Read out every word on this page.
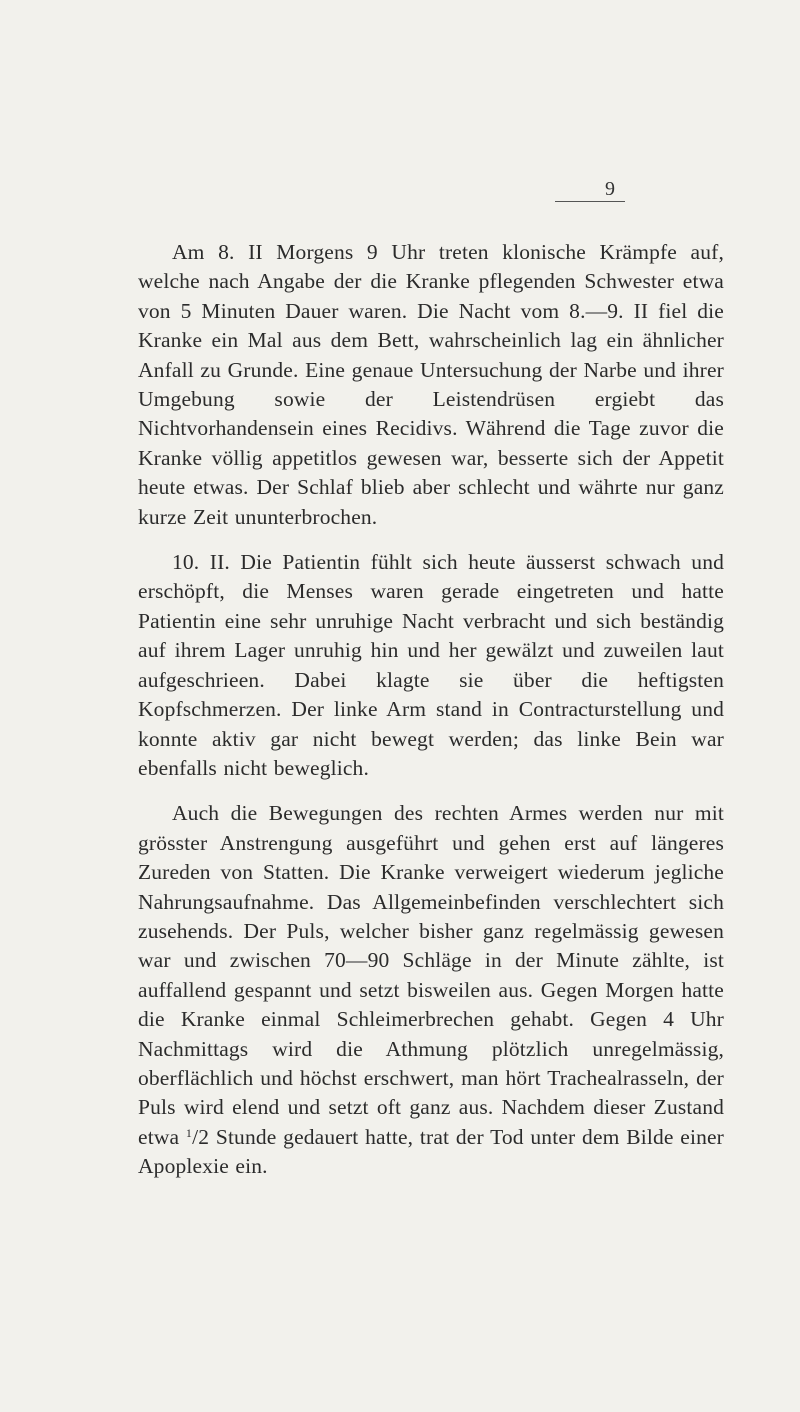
9

Am 8. II Morgens 9 Uhr treten klonische Krämpfe auf, welche nach Angabe der die Kranke pflegenden Schwester etwa von 5 Minuten Dauer waren. Die Nacht vom 8.—9. II fiel die Kranke ein Mal aus dem Bett, wahrscheinlich lag ein ähnlicher Anfall zu Grunde. Eine genaue Untersuchung der Narbe und ihrer Umgebung sowie der Leistendrüsen ergiebt das Nichtvorhandensein eines Recidivs. Während die Tage zuvor die Kranke völlig appetitlos gewesen war, besserte sich der Appetit heute etwas. Der Schlaf blieb aber schlecht und währte nur ganz kurze Zeit ununterbrochen.

10. II. Die Patientin fühlt sich heute äusserst schwach und erschöpft, die Menses waren gerade eingetreten und hatte Patientin eine sehr unruhige Nacht verbracht und sich beständig auf ihrem Lager unruhig hin und her gewälzt und zuweilen laut aufgeschrieen. Dabei klagte sie über die heftigsten Kopfschmerzen. Der linke Arm stand in Contracturstellung und konnte aktiv gar nicht bewegt werden; das linke Bein war ebenfalls nicht beweglich.

Auch die Bewegungen des rechten Armes werden nur mit grösster Anstrengung ausgeführt und gehen erst auf längeres Zureden von Statten. Die Kranke verweigert wiederum jegliche Nahrungsaufnahme. Das Allgemeinbefinden verschlechtert sich zusehends. Der Puls, welcher bisher ganz regelmässig gewesen war und zwischen 70—90 Schläge in der Minute zählte, ist auffallend gespannt und setzt bisweilen aus. Gegen Morgen hatte die Kranke einmal Schleimerbrechen gehabt. Gegen 4 Uhr Nachmittags wird die Athmung plötzlich unregelmässig, oberflächlich und höchst erschwert, man hört Trachealrasseln, der Puls wird elend und setzt oft ganz aus. Nachdem dieser Zustand etwa $^1$/2 Stunde gedauert hatte, trat der Tod unter dem Bilde einer Apoplexie ein.
